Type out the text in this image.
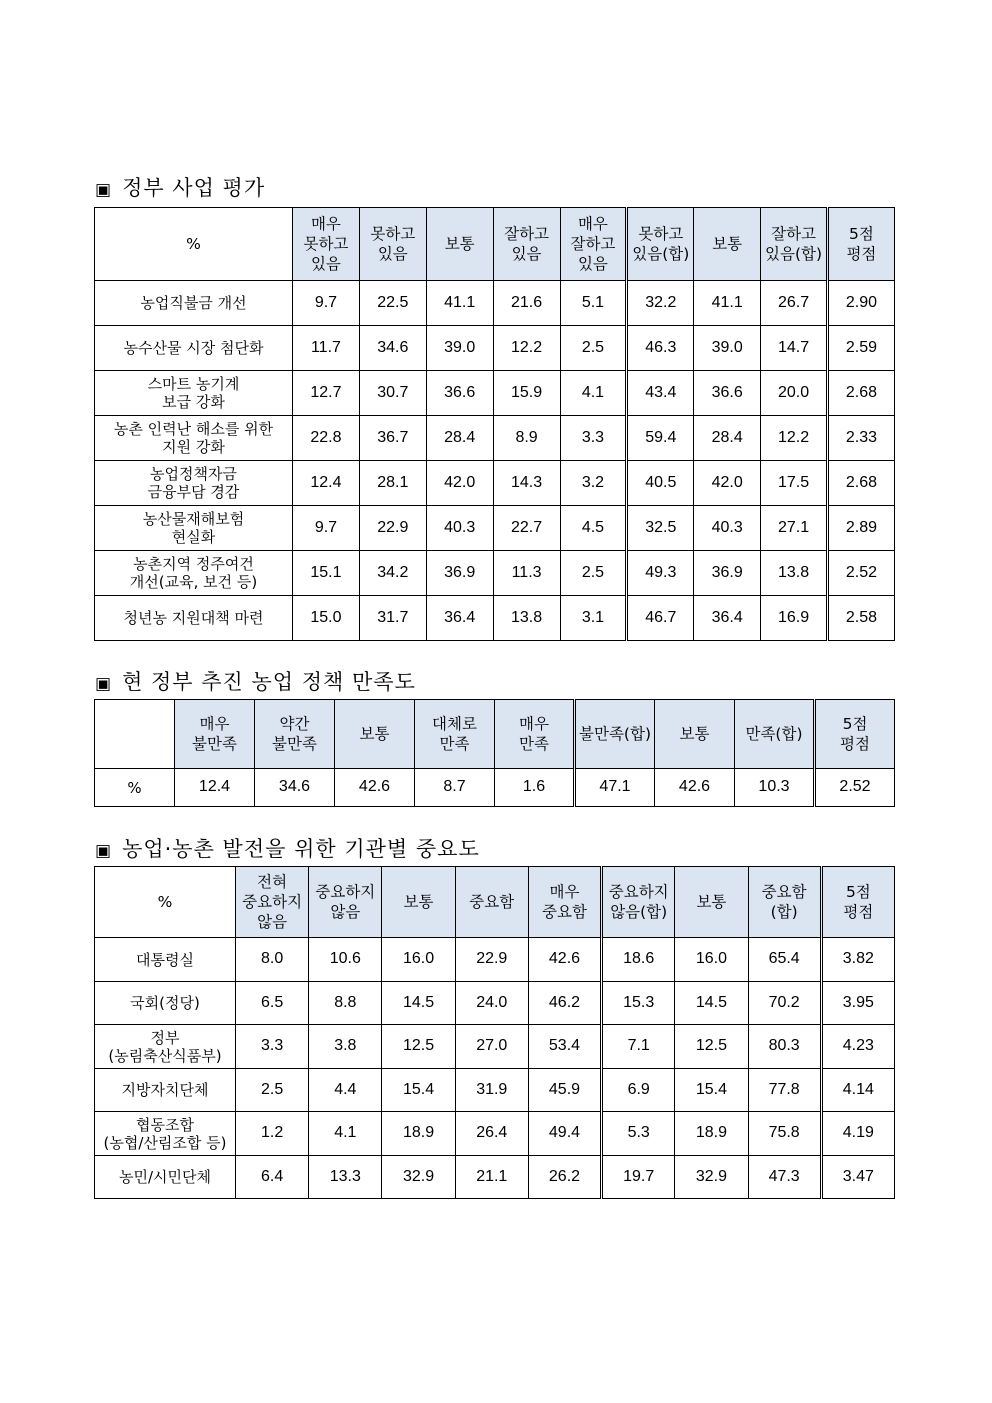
▣ 정부 사업 평가
%	매우
못하고
있음	못하고
있음	보통	잘하고
있음	매우
잘하고
있음	못하고
있음(합)	보통	잘하고
있음(합)	5점
평점
농업직불금 개선	9.7	22.5	41.1	21.6	5.1	32.2	41.1	26.7	2.90
농수산물 시장 첨단화	11.7	34.6	39.0	12.2	2.5	46.3	39.0	14.7	2.59
스마트 농기계
보급 강화	12.7	30.7	36.6	15.9	4.1	43.4	36.6	20.0	2.68
농촌 인력난 해소를 위한
지원 강화	22.8	36.7	28.4	8.9	3.3	59.4	28.4	12.2	2.33
농업정책자금
금융부담 경감	12.4	28.1	42.0	14.3	3.2	40.5	42.0	17.5	2.68
농산물재해보험
현실화	9.7	22.9	40.3	22.7	4.5	32.5	40.3	27.1	2.89
농촌지역 정주여건
개선(교육, 보건 등)	15.1	34.2	36.9	11.3	2.5	49.3	36.9	13.8	2.52
청년농 지원대책 마련	15.0	31.7	36.4	13.8	3.1	46.7	36.4	16.9	2.58
▣ 현 정부 추진 농업 정책 만족도
	매우
불만족	약간
불만족	보통	대체로
만족	매우
만족	불만족(합)	보통	만족(합)	5점
평점
%	12.4	34.6	42.6	8.7	1.6	47.1	42.6	10.3	2.52
▣ 농업·농촌 발전을 위한 기관별 중요도
%	전혀
중요하지
않음	중요하지
않음	보통	중요함	매우
중요함	중요하지
않음(합)	보통	중요함
(합)	5점
평점
대통령실	8.0	10.6	16.0	22.9	42.6	18.6	16.0	65.4	3.82
국회(정당)	6.5	8.8	14.5	24.0	46.2	15.3	14.5	70.2	3.95
정부
(농림축산식품부)	3.3	3.8	12.5	27.0	53.4	7.1	12.5	80.3	4.23
지방자치단체	2.5	4.4	15.4	31.9	45.9	6.9	15.4	77.8	4.14
협동조합
(농협/산림조합 등)	1.2	4.1	18.9	26.4	49.4	5.3	18.9	75.8	4.19
농민/시민단체	6.4	13.3	32.9	21.1	26.2	19.7	32.9	47.3	3.47
